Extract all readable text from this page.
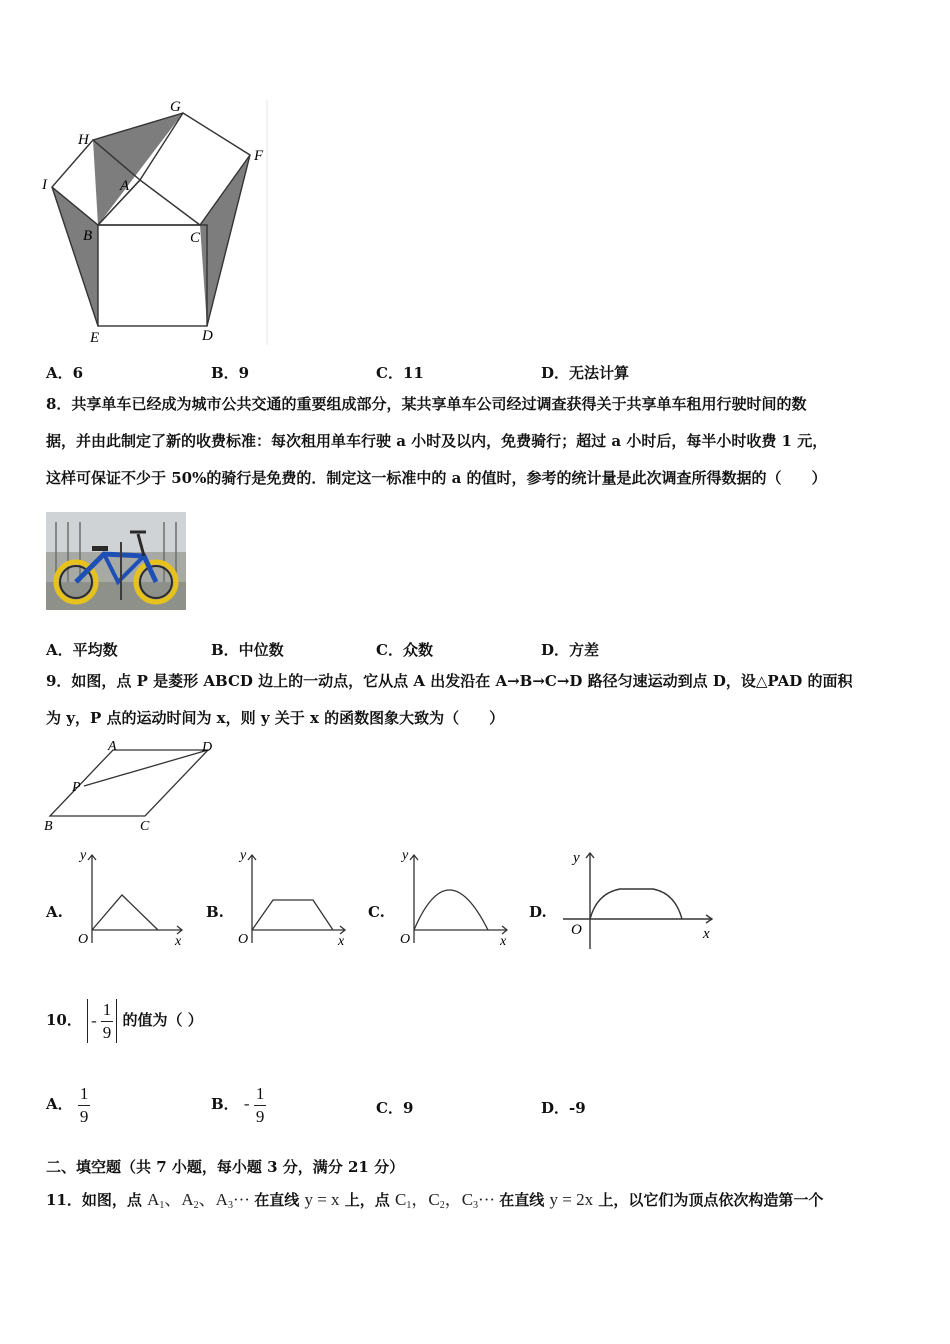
G
H
F
I	A
B	C
E	D
A．6	B．9	C．11	D．无法计算
8．共享单车已经成为城市公共交通的重要组成部分，某共享单车公司经过调查获得关于共享单车租用行驶时间的数
据，并由此制定了新的收费标准：每次租用单车行驶 a 小时及以内，免费骑行；超过 a 小时后，每半小时收费 1 元，
这样可保证不少于 50%的骑行是免费的．制定这一标准中的 a 的值时，参考的统计量是此次调查所得数据的（　　）
A．平均数	B．中位数	C．众数	D．方差
9．如图，点 P 是菱形 ABCD 边上的一动点，它从点 A 出发沿在 A→B→C→D 路径匀速运动到点 D，设△PAD 的面积
为 y，P 点的运动时间为 x，则 y 关于 x 的函数图象大致为（　　）
A	D
P
B	C
A.
y
x
O
B.
y
x
O
C.
y
x
O
D.
y
x
O
10． - $\frac{1}{9}$ 的值为（ ）
A． $\frac{1}{9}$	B． - $\frac{1}{9}$	C．9	D．-9
二、填空题（共 7 小题，每小题 3 分，满分 21 分）
11．如图，点 $A_1$、$A_2$、$A_3\cdot\cdot\cdot$ 在直线 y = x 上，点 $C_1$，$C_2$，$C_3\cdot\cdot\cdot$ 在直线 y = 2x 上，以它们为顶点依次构造第一个
